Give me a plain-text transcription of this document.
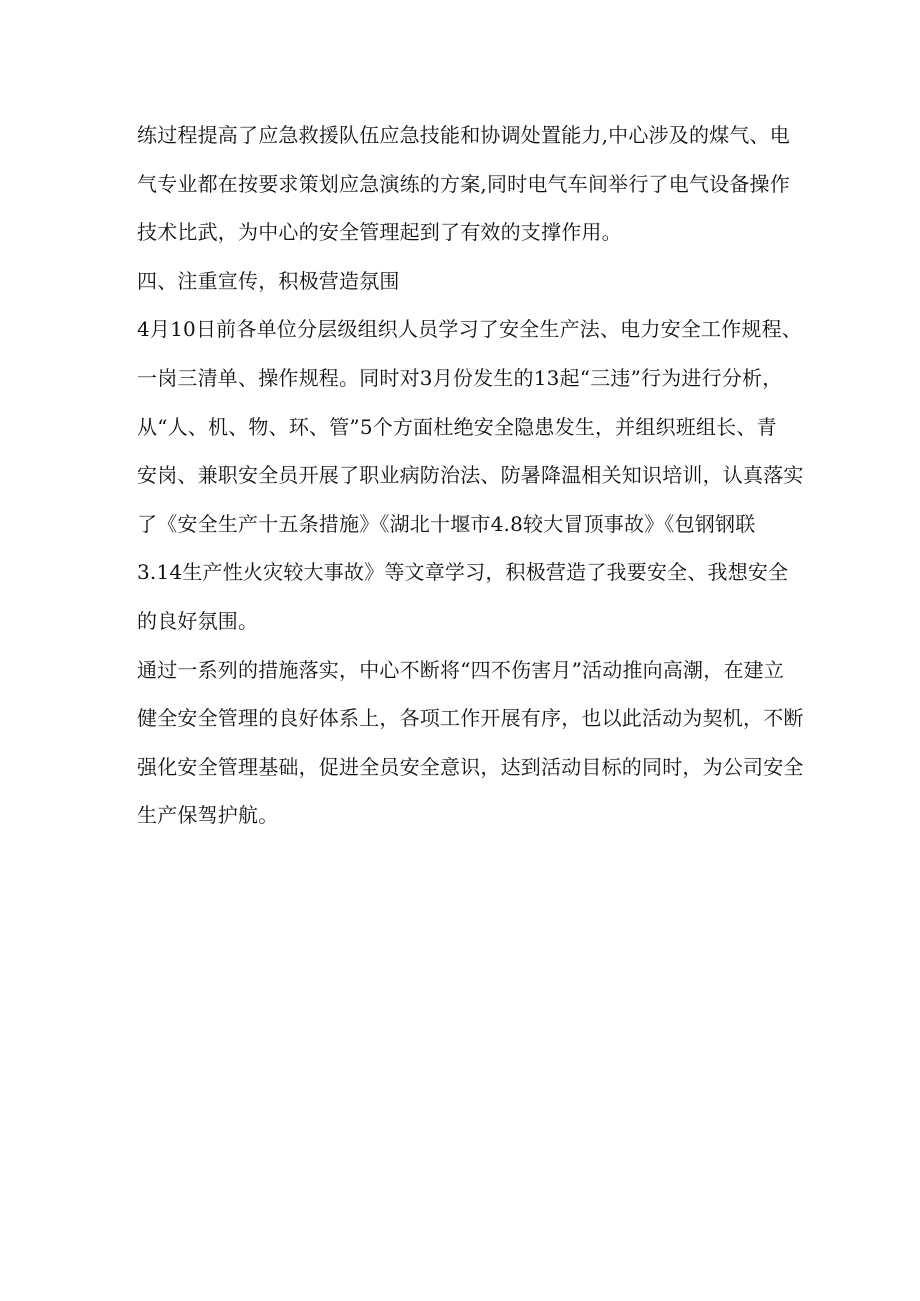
练过程提高了应急救援队伍应急技能和协调处置能力,中心涉及的煤气、电
气专业都在按要求策划应急演练的方案,同时电气车间举行了电气设备操作
技术比武，为中心的安全管理起到了有效的支撑作用。
四、注重宣传，积极营造氛围
4月10日前各单位分层级组织人员学习了安全生产法、电力安全工作规程、
一岗三清单、操作规程。同时对3月份发生的13起“三违”行为进行分析，
从“人、机、物、环、管”5个方面杜绝安全隐患发生，并组织班组长、青
安岗、兼职安全员开展了职业病防治法、防暑降温相关知识培训，认真落实
了《安全生产十五条措施》《湖北十堰市4.8较大冒顶事故》《包钢钢联
3.14生产性火灾较大事故》等文章学习，积极营造了我要安全、我想安全
的良好氛围。
通过一系列的措施落实，中心不断将“四不伤害月”活动推向高潮，在建立
健全安全管理的良好体系上，各项工作开展有序，也以此活动为契机，不断
强化安全管理基础，促进全员安全意识，达到活动目标的同时，为公司安全
生产保驾护航。
